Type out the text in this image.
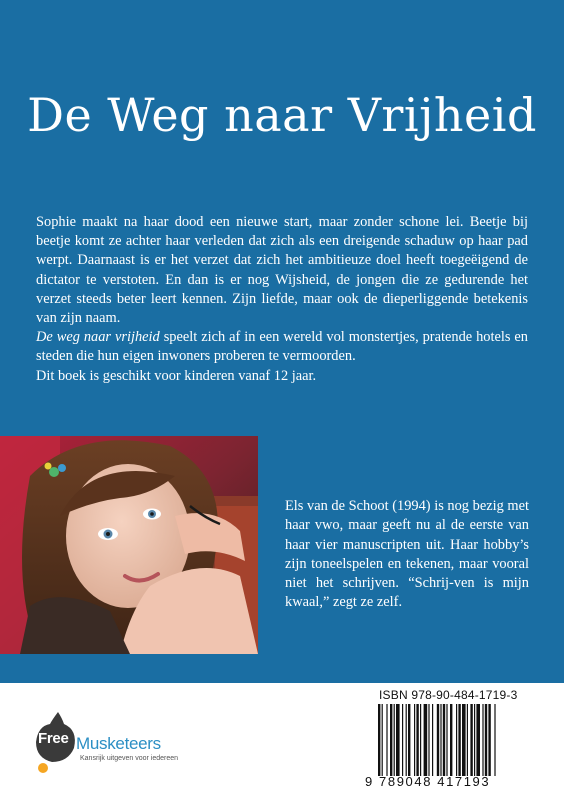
De Weg naar Vrijheid

Sophie maakt na haar dood een nieuwe start, maar zonder schone lei. Beetje bij beetje komt ze achter haar verleden dat zich als een dreigende schaduw op haar pad werpt. Daarnaast is er het verzet dat zich het ambitieuze doel heeft toegeëigend de dictator te verstoten. En dan is er nog Wijsheid, de jongen die ze gedurende het verzet steeds beter leert kennen. Zijn liefde, maar ook de dieperliggende betekenis van zijn naam.

De weg naar vrijheid speelt zich af in een wereld vol monstertjes, pratende hotels en steden die hun eigen inwoners proberen te vermoorden.

Dit boek is geschikt voor kinderen vanaf 12 jaar.

Els van de Schoot (1994) is nog bezig met haar vwo, maar geeft nu al de eerste van haar vier manuscripten uit. Haar hobby’s zijn toneelspelen en tekenen, maar vooral niet het schrijven. “Schrij-ven is mijn kwaal,” zegt ze zelf.

Free Musketeers
Kansrijk uitgeven voor iedereen
ISBN 978-90-484-1719-3
9 789048 417193
